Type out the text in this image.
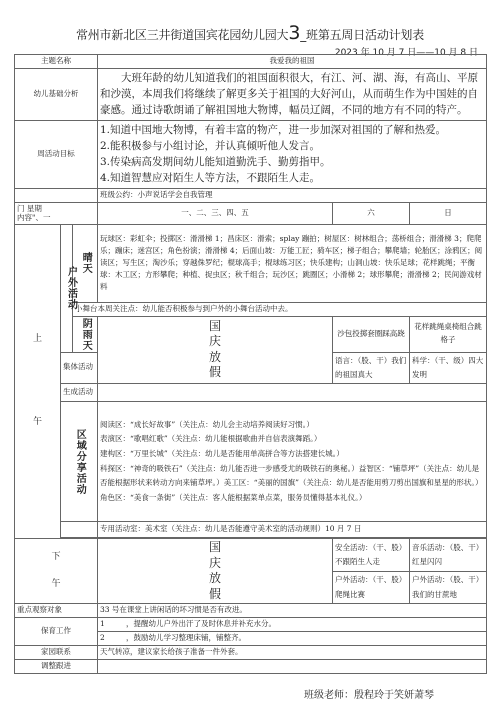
常州市新北区三井街道国宾花园幼儿园大3_班第五周日活动计划表
2023 年 10 月 7 日——10 月 8 日
主题名称			我爱我的祖国		
幼儿基础分析			大班年龄的幼儿知道我们的祖国面积很大，有江、河、湖、海，有高山、平原和沙漠，本周我们将继续了解更多关于祖国的大好河山，从而萌生作为中国娃的自豪感。通过诗歌朗诵了解祖国地大物博，幅员辽阔，不同的地方有不同的特产。		
周活动目标			1.知道中国地大物博，有着丰富的物产，进一步加深对祖国的了解和热爱。
2.能积极参与小组讨论，并认真倾听他人发言。
3.传染病高发期间幼儿能知道勤洗手、勤剪指甲。
4.知道智慧应对陌生人等方法，不跟陌生人走。		

			班级公约：小声说话学会自我管理		

门 星期
内容"、一			一、二、三、四、五	六	日

上
午	户外活动	晴天	玩球区：彩虹伞；投掷区：滑滑梯 1；昌床区：滑索；splay 蹦拍；树屋区：树林组合；荡桥组合；滑滑梯 3；爬爬乐；蹦床；迷宫区；角色扮演；滑滑梯 4；后面山坡：万能工匠；骑车区；梯子组合；攀爬墙；轮胎区；涂鸦区；阅读区；写生区；淘沙乐；穿越侏罗纪；棍球高手；棍球练习区；快乐建构；山洞山坡：快乐足球；花样跳绳；平衡球：木工区；方形攀爬；种植、捉虫区；秋千组合；玩沙区；跳圈区；小滑梯 2；球形攀爬；滑滑梯 2；民间游戏材料		
		小舞台本周关注点：幼儿能否积极参与到户外的小舞台活动中去。			

		阴雨天	国庆放假	沙包投掷套圈踩高跷	花样跳绳桌椅组合跳格子
	集体活动			语言：（股、干）我们的祖国真大	科学：（干、级）四大发明
	生成活动				

	区域分享活动		阅读区：“成长好故事”（关注点：幼儿会主动培养阅读好习惯。）
表演区：“歌唱红歌”（关注点：幼儿能根据歌曲并自信表演舞蹈。）
建构区：“万里长城”（关注点：幼儿是否能用单高拼合等方法搭建长城。）
科探区：“神奇的吸铁石”（关注点：幼儿能否进一步感受尤的吸铁石的奥秘。）益智区：“铺草坪”（关注点：幼儿是否能根据形状来转动方向来铺草坪。）美工区：“美丽的国旗”（关注点：幼儿是否能用剪刀剪出国旗和星星的形状。）角色区：“美食一条街”（关注点：客人能根据菜单点菜，服务员懂得基本礼仪。）		

			专用活动室：美术室（关注点：幼儿是否能遵守美术室的活动规则）10 月 7 日		

下
午			国庆放假	安全活动：（干、股）不跟陌生人走	音乐活动：（股、干）红星闪闪
				户外活动：（干、股）爬绳比赛	户外活动：（股、干）我们的甘蔗地
重点观察对象			33 号在课堂上讲闲话的坏习惯是否有改进。		
保育工作			1 ，提醒幼儿户外出汗了及时休息并补充水分。		
			2 ，鼓励幼儿学习整理床铺，铺整齐。		
家园联系			天气转凉，建议家长给孩子准备一件外套。		
调整跟进					
班级老师：殷程玲于笑妍萧琴
